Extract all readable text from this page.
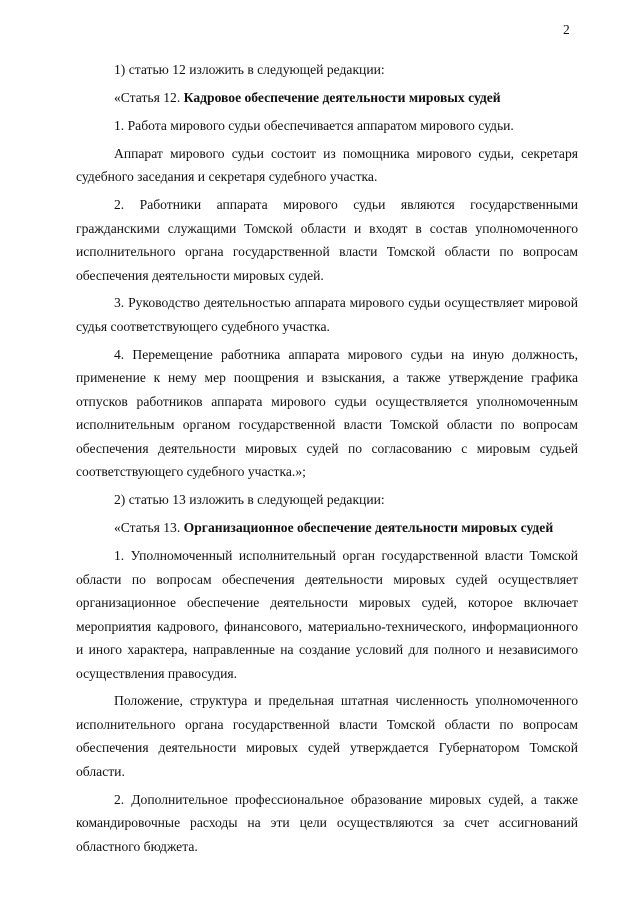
2

1) статью 12 изложить в следующей редакции:

«Статья 12. Кадровое обеспечение деятельности мировых судей

1. Работа мирового судьи обеспечивается аппаратом мирового судьи.

Аппарат мирового судьи состоит из помощника мирового судьи, секретаря судебного заседания и секретаря судебного участка.

2. Работники аппарата мирового судьи являются государственными гражданскими служащими Томской области и входят в состав уполномоченного исполнительного органа государственной власти Томской области по вопросам обеспечения деятельности мировых судей.

3. Руководство деятельностью аппарата мирового судьи осуществляет мировой судья соответствующего судебного участка.

4. Перемещение работника аппарата мирового судьи на иную должность, применение к нему мер поощрения и взыскания, а также утверждение графика отпусков работников аппарата мирового судьи осуществляется уполномоченным исполнительным органом государственной власти Томской области по вопросам обеспечения деятельности мировых судей по согласованию с мировым судьей соответствующего судебного участка.»;

2) статью 13 изложить в следующей редакции:

«Статья 13. Организационное обеспечение деятельности мировых судей

1. Уполномоченный исполнительный орган государственной власти Томской области по вопросам обеспечения деятельности мировых судей осуществляет организационное обеспечение деятельности мировых судей, которое включает мероприятия кадрового, финансового, материально-технического, информационного и иного характера, направленные на создание условий для полного и независимого осуществления правосудия.

Положение, структура и предельная штатная численность уполномоченного исполнительного органа государственной власти Томской области по вопросам обеспечения деятельности мировых судей утверждается Губернатором Томской области.

2. Дополнительное профессиональное образование мировых судей, а также командировочные расходы на эти цели осуществляются за счет ассигнований областного бюджета.
